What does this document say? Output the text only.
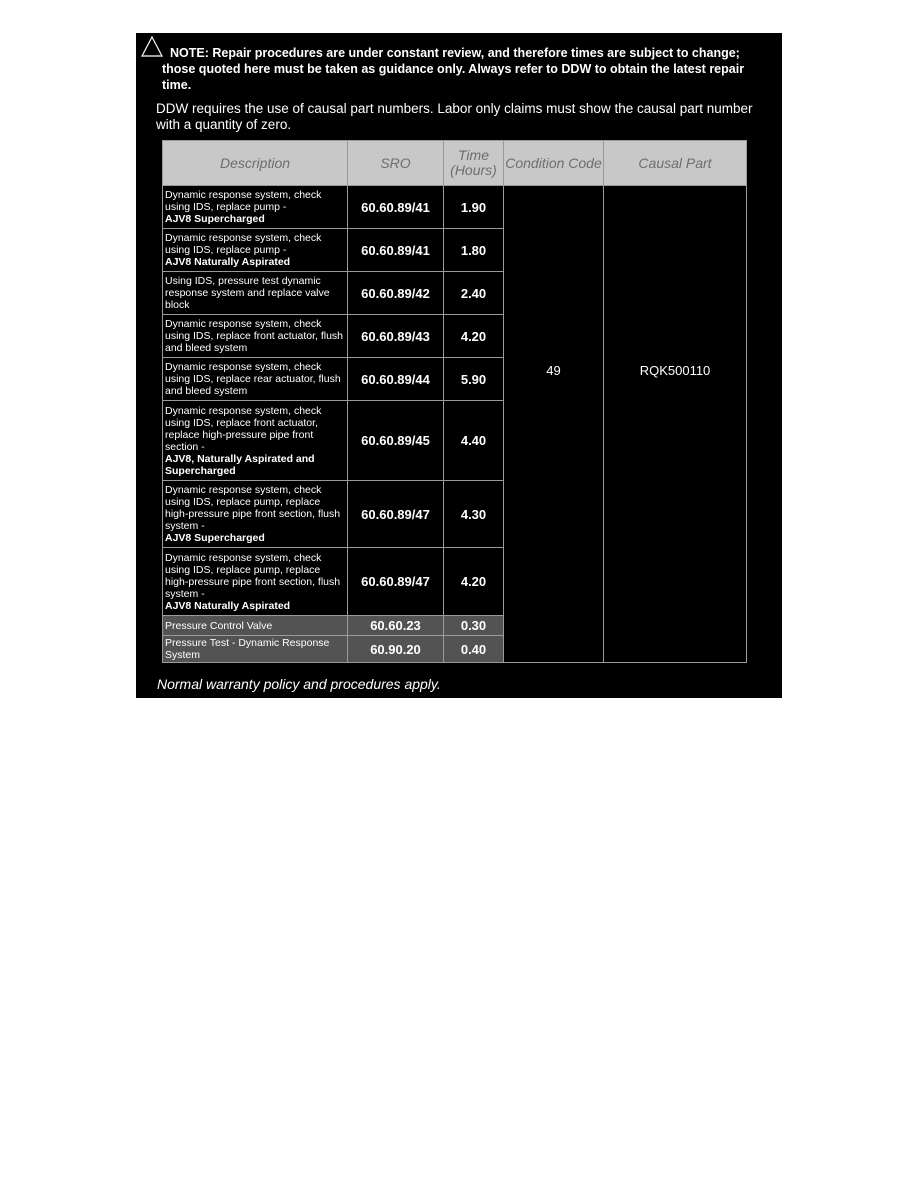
NOTE: Repair procedures are under constant review, and therefore times are subject to change; those quoted here must be taken as guidance only. Always refer to DDW to obtain the latest repair time.
DDW requires the use of causal part numbers. Labor only claims must show the causal part number with a quantity of zero.
Description	SRO	Time (Hours)	Condition Code	Causal Part
Dynamic response system, check using IDS, replace pump -
AJV8 Supercharged	60.60.89/41	1.90	49	RQK500110
Dynamic response system, check using IDS, replace pump -
AJV8 Naturally Aspirated	60.60.89/41	1.80		
Using IDS, pressure test dynamic response system and replace valve block	60.60.89/42	2.40		
Dynamic response system, check using IDS, replace front actuator, flush and bleed system	60.60.89/43	4.20		
Dynamic response system, check using IDS, replace rear actuator, flush and bleed system	60.60.89/44	5.90		
Dynamic response system, check using IDS, replace front actuator, replace high-pressure pipe front section -
AJV8, Naturally Aspirated and Supercharged	60.60.89/45	4.40		
Dynamic response system, check using IDS, replace pump, replace high-pressure pipe front section, flush system -
AJV8 Supercharged	60.60.89/47	4.30		
Dynamic response system, check using IDS, replace pump, replace high-pressure pipe front section, flush system -
AJV8 Naturally Aspirated	60.60.89/47	4.20		
Pressure Control Valve	60.60.23	0.30		
Pressure Test - Dynamic Response System	60.90.20	0.40		
Normal warranty policy and procedures apply.
